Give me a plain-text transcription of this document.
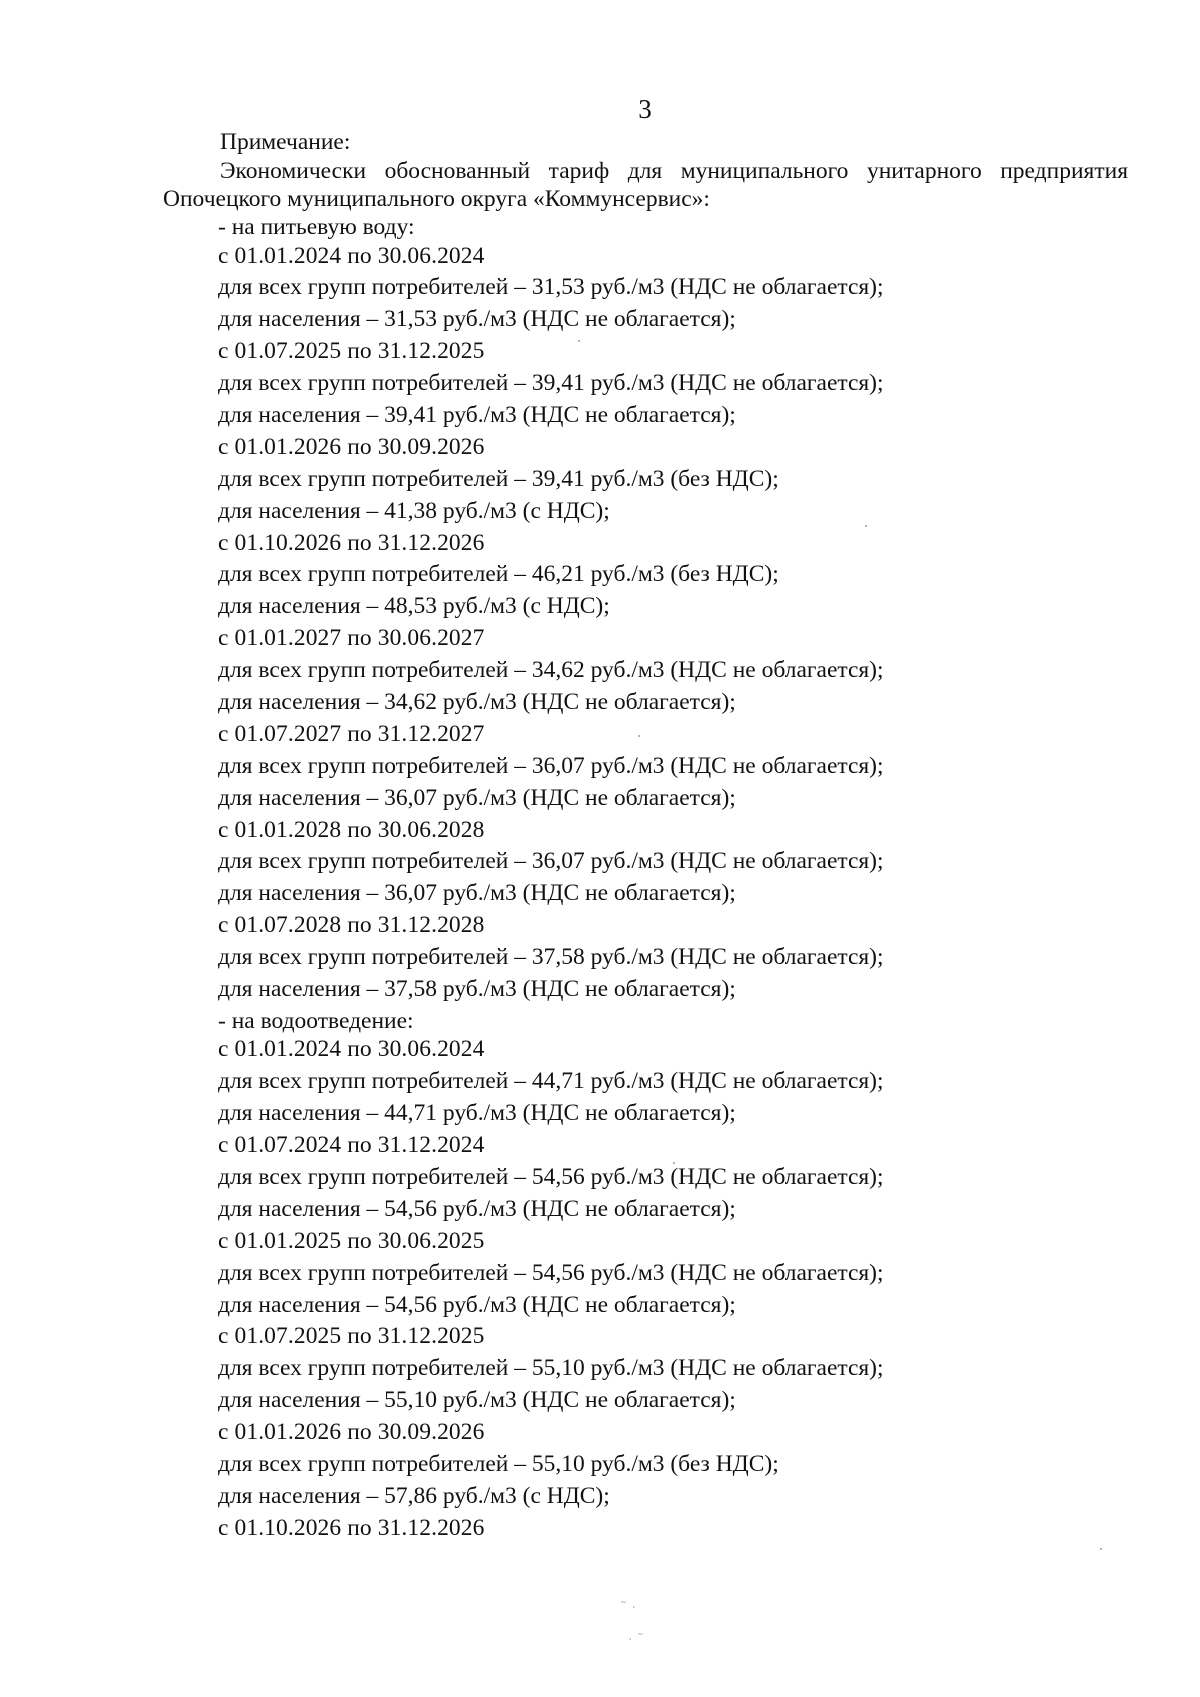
3

Примечание:

Экономически обоснованный тариф для муниципального унитарного предприятия Опочецкого муниципального округа «Коммунсервис»:

- на питьевую воду:
с 01.01.2024 по 30.06.2024
для всех групп потребителей – 31,53 руб./м3 (НДС не облагается);
для населения – 31,53 руб./м3 (НДС не облагается);
с 01.07.2025 по 31.12.2025
для всех групп потребителей – 39,41 руб./м3 (НДС не облагается);
для населения – 39,41 руб./м3 (НДС не облагается);
с 01.01.2026 по 30.09.2026
для всех групп потребителей – 39,41 руб./м3 (без НДС);
для населения – 41,38 руб./м3 (с НДС);
с 01.10.2026 по 31.12.2026
для всех групп потребителей – 46,21 руб./м3 (без НДС);
для населения – 48,53 руб./м3 (с НДС);
с 01.01.2027 по 30.06.2027
для всех групп потребителей – 34,62 руб./м3 (НДС не облагается);
для населения – 34,62 руб./м3 (НДС не облагается);
с 01.07.2027 по 31.12.2027
для всех групп потребителей – 36,07 руб./м3 (НДС не облагается);
для населения – 36,07 руб./м3 (НДС не облагается);
с 01.01.2028 по 30.06.2028
для всех групп потребителей – 36,07 руб./м3 (НДС не облагается);
для населения – 36,07 руб./м3 (НДС не облагается);
с 01.07.2028 по 31.12.2028
для всех групп потребителей – 37,58 руб./м3 (НДС не облагается);
для населения – 37,58 руб./м3 (НДС не облагается);
- на водоотведение:
с 01.01.2024 по 30.06.2024
для всех групп потребителей – 44,71 руб./м3 (НДС не облагается);
для населения – 44,71 руб./м3 (НДС не облагается);
с 01.07.2024 по 31.12.2024
для всех групп потребителей – 54,56 руб./м3 (НДС не облагается);
для населения – 54,56 руб./м3 (НДС не облагается);
с 01.01.2025 по 30.06.2025
для всех групп потребителей – 54,56 руб./м3 (НДС не облагается);
для населения – 54,56 руб./м3 (НДС не облагается);
с 01.07.2025 по 31.12.2025
для всех групп потребителей – 55,10 руб./м3 (НДС не облагается);
для населения – 55,10 руб./м3 (НДС не облагается);
с 01.01.2026 по 30.09.2026
для всех групп потребителей – 55,10 руб./м3 (без НДС);
для населения – 57,86 руб./м3 (с НДС);
с 01.10.2026 по 31.12.2026
˜ ·
· ˜
